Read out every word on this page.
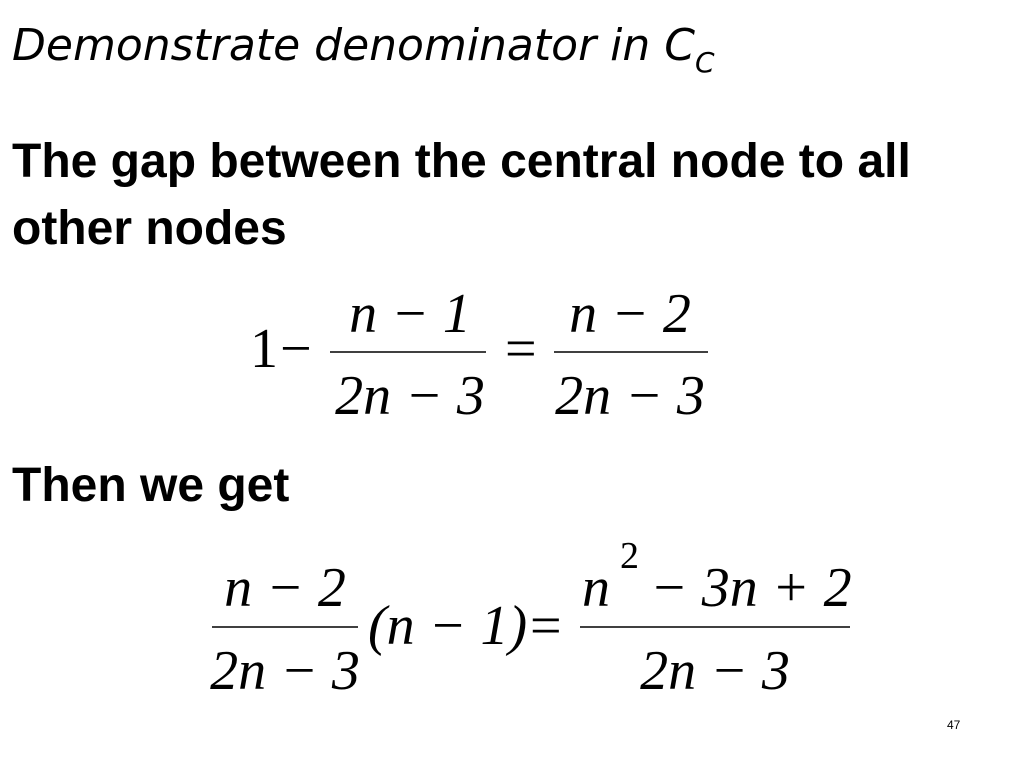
Demonstrate denominator in $C_C$

The gap between the central node to all other nodes

1 −
n − 1
2n − 3
=
n − 2
2n − 3

Then we get

n − 2
2n − 3
(n − 1) =
n
2
− 3n + 2
2n − 3
47
